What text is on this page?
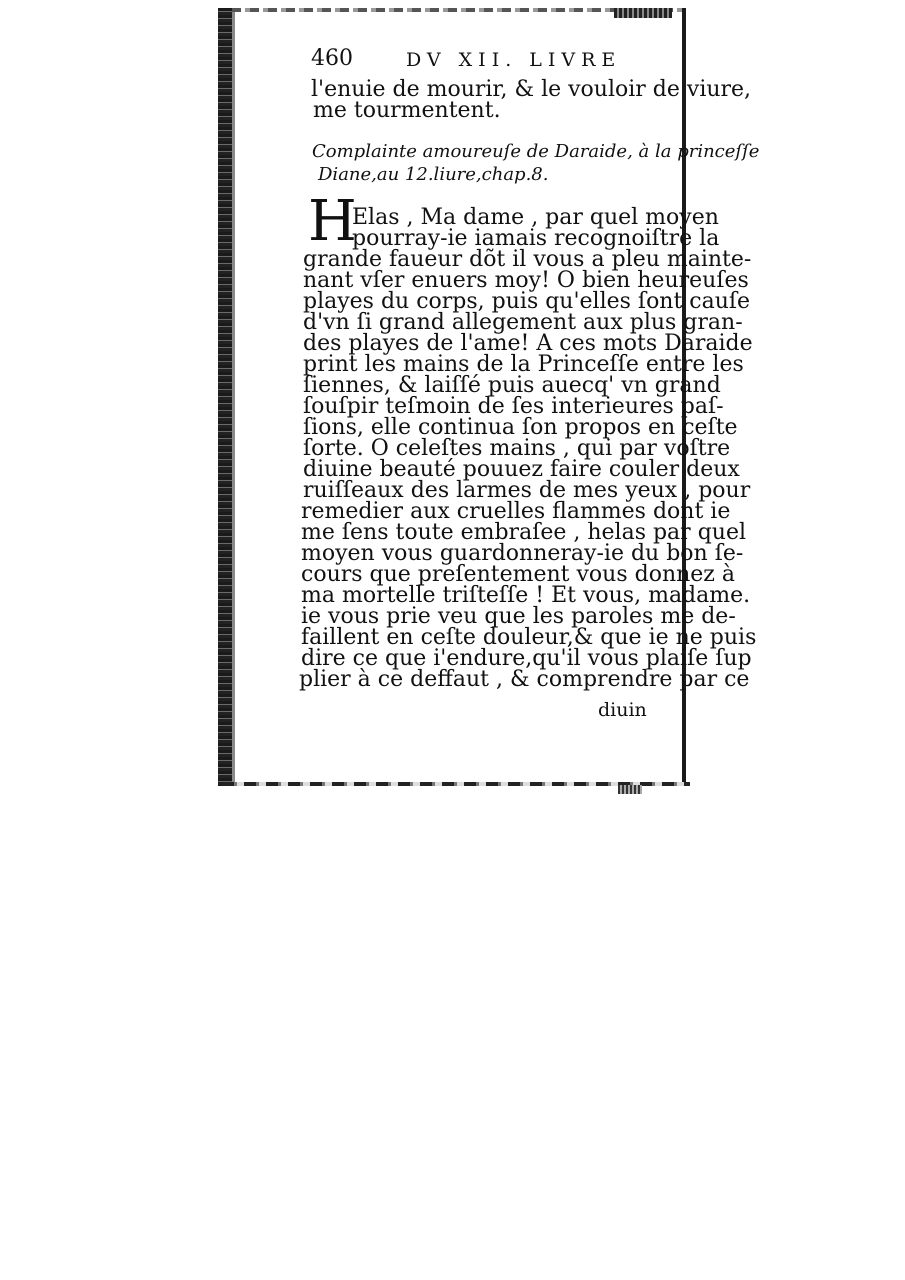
460	DV XII. LIVRE
l'enuie de mourir, & le vouloir de viure,
me tourmentent.
Complainte amoureuſe de Daraide, à la princeſſe
Diane,au 12.liure,chap.8.
H
Elas , Ma dame , par quel moyen
pourray-ie iamais recognoiſtre la
grande faueur dõt il vous a pleu mainte-
nant vſer enuers moy! O bien heureuſes
playes du corps, puis qu'elles ſont cauſe
d'vn ſi grand allegement aux plus gran-
des playes de l'ame! A ces mots Daraide
print les mains de la Princeſſe entre les
ſiennes, & laiſſé puis auecq' vn grand
ſouſpir teſmoin de ſes interieures paſ-
ſions, elle continua ſon propos en ceſte
ſorte. O celeſtes mains , qui par voſtre
diuine beauté pouuez faire couler deux
ruiſſeaux des larmes de mes yeux , pour
remedier aux cruelles flammes dont ie
me ſens toute embraſee , helas par quel
moyen vous guardonneray-ie du bon ſe-
cours que preſentement vous donnez à
ma mortelle triſteſſe ! Et vous, madame.
ie vous prie veu que les paroles me de-
faillent en ceſte douleur,& que ie ne puis
dire ce que i'endure,qu'il vous plaiſe ſup
plier à ce deffaut , & comprendre par ce
diuin
